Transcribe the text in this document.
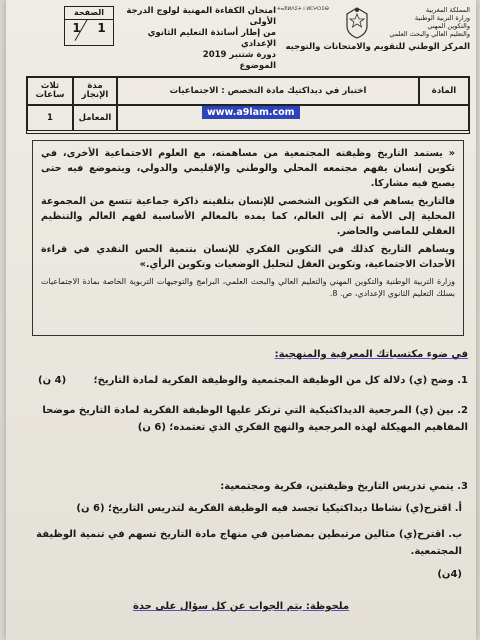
الصفحة
1
1
امتحان الكفاءة المهنية لولوج الدرجة الأولى
من إطار أساتذة التعليم الثانوي الإعدادي
دورة شتنبر 2019
الموضوع
ⵜⴰⴳⵍⴷⵉⵜ ⵏ ⵍⵎⵖⵔⵉⴱ	المملكة المغربية
وزارة التربية الوطنية
والتكوين المهني
والتعليم العالي والبحث العلمي
المركز الوطني للتقويم والامتحانات والتوجيه
المادة
اختبار في ديداكتيك مادة التخصص : الاجتماعيات
مدة
الإنجاز
ثلاث
ساعات
المعامل
1	www.a9lam.com

« يستمد التاريخ وظيفته المجتمعية من مساهمته، مع العلوم الاجتماعية الأخرى، في تكوين إنسان يفهم مجتمعه المحلي والوطني والإقليمي والدولي، ويتموضع فيه حتى يصبح فيه مشاركا.

فالتاريخ يساهم في التكوين الشخصي للإنسان بتلقينه ذاكرة جماعية تتسع من المجموعة المحلية إلى الأمة ثم إلى العالم، كما يمده بالمعالم الأساسية لفهم العالم والتنظيم العقلي للماضي والحاضر.

ويساهم التاريخ كذلك في التكوين الفكري للإنسان بتنمية الحس النقدي في قراءة الأحداث الاجتماعية، وتكوين العقل لتحليل الوضعيات وتكوين الرأي.»

وزارة التربية الوطنية والتكوين المهني والتعليم العالي والبحث العلمي، البرامج والتوجيهات التربوية الخاصة بمادة الاجتماعيات بسلك التعليم الثانوي الإعدادي، ص. 8.

في ضوء مكتسباتك المعرفية والمنهجية:
1. وضح (ي) دلالة كل من الوظيفة المجتمعية والوظيفة الفكرية لمادة التاريخ؛ (4 ن)
2. بين (ي) المرجعية الديداكتيكية التي ترتكز عليها الوظيفة الفكرية لمادة التاريخ موضحا المفاهيم المهيكلة لهذه المرجعية والنهج الفكري الذي تعتمده؛ (6 ن)
3. ينمي تدريس التاريخ وظيفتين، فكرية ومجتمعية:
أ. اقترح(ي) نشاطا ديداكتيكيا تجسد فيه الوظيفة الفكرية لتدريس التاريخ؛ (6 ن)
ب. اقترح(ي) مثالين مرتبطين بمضامين في منهاج مادة التاريخ تسهم في تنمية الوظيفة المجتمعية.
(4ن)
ملحوظة: يتم الجواب عن كل سؤال على حدة
